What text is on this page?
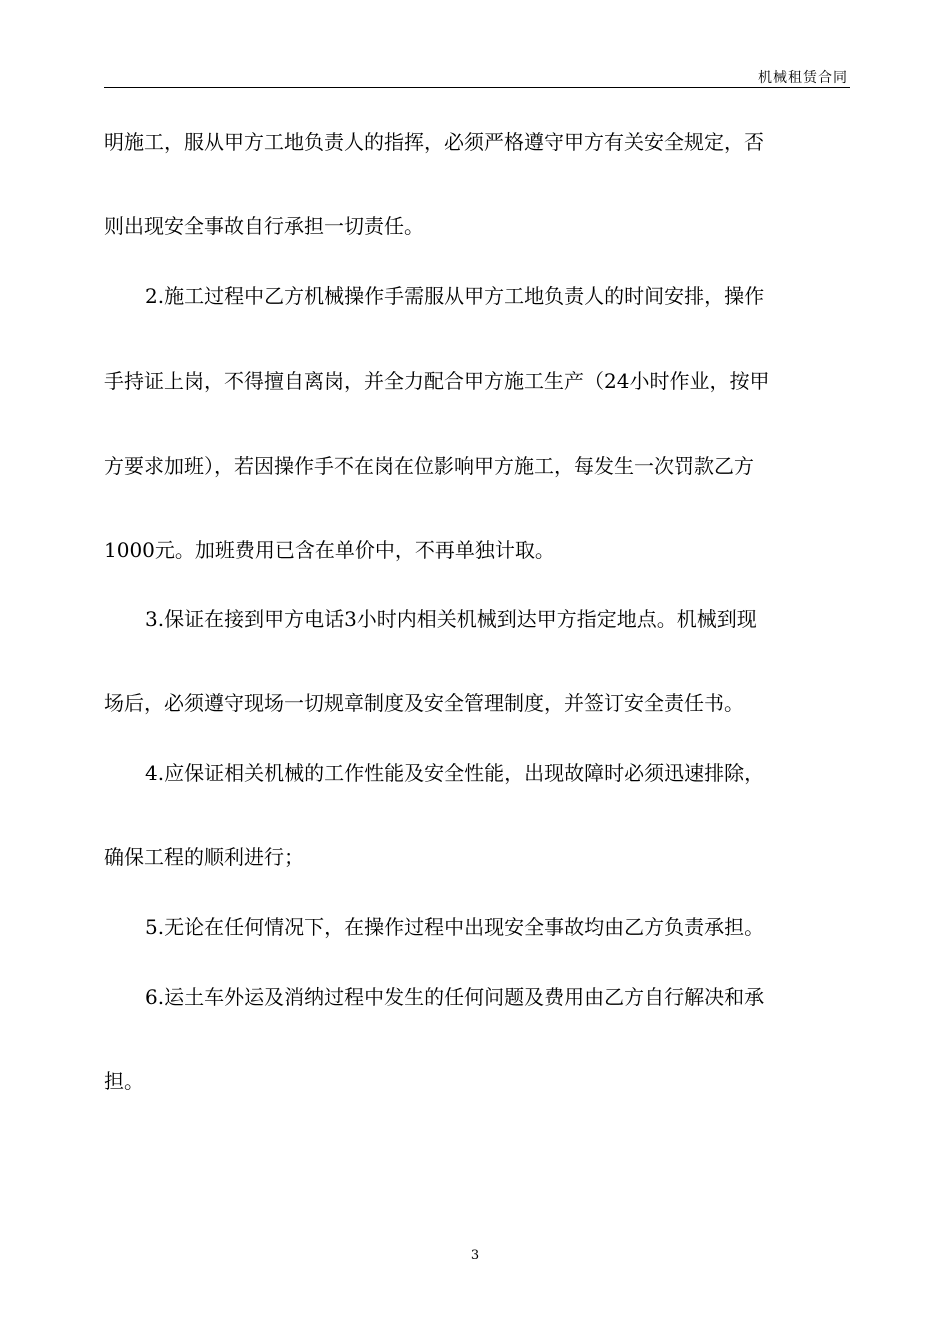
机械租赁合同
明施工，服从甲方工地负责人的指挥，必须严格遵守甲方有关安全规定，否
则出现安全事故自行承担一切责任。
2.施工过程中乙方机械操作手需服从甲方工地负责人的时间安排，操作
手持证上岗，不得擅自离岗，并全力配合甲方施工生产（24小时作业，按甲
方要求加班），若因操作手不在岗在位影响甲方施工，每发生一次罚款乙方
1000元。加班费用已含在单价中，不再单独计取。
3.保证在接到甲方电话3小时内相关机械到达甲方指定地点。机械到现
场后，必须遵守现场一切规章制度及安全管理制度，并签订安全责任书。
4.应保证相关机械的工作性能及安全性能，出现故障时必须迅速排除，
确保工程的顺利进行；
5.无论在任何情况下，在操作过程中出现安全事故均由乙方负责承担。
6.运土车外运及消纳过程中发生的任何问题及费用由乙方自行解决和承
担。
3
